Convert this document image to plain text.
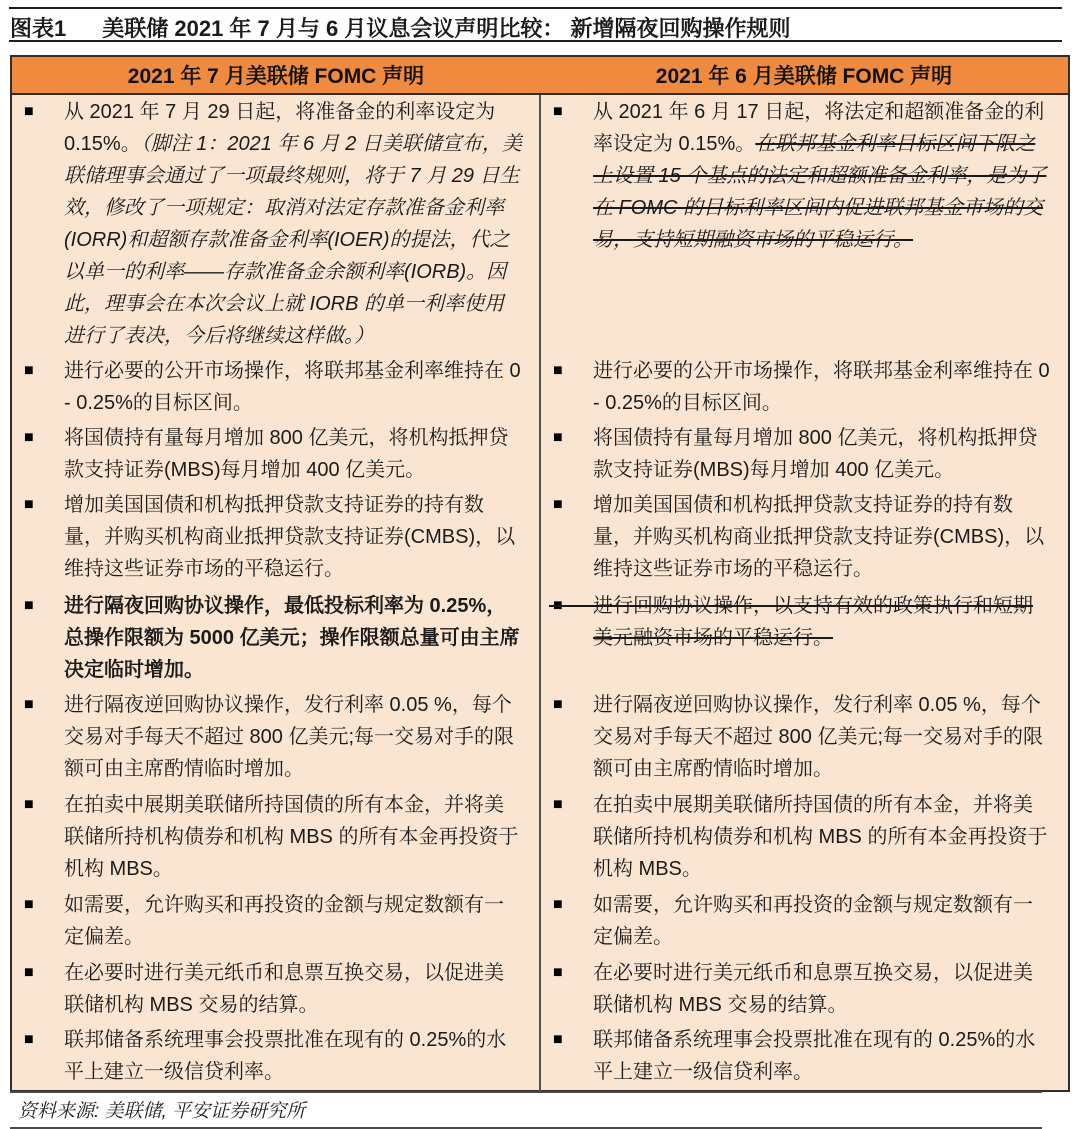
图表1 美联储 2021 年 7 月与 6 月议息会议声明比较： 新增隔夜回购操作规则
2021 年 7 月美联储 FOMC 声明	2021 年 6 月美联储 FOMC 声明

■ 从 2021 年 7 月 29 日起，将准备金的利率设定为 0.15%。（脚注 1：2021 年 6 月 2 日美联储宣布，美联储理事会通过了一项最终规则，将于 7 月 29 日生效，修改了一项规定：取消对法定存款准备金利率(IORR)和超额存款准备金利率(IOER)的提法，代之以单一的利率——存款准备金余额利率(IORB)。因此，理事会在本次会议上就 IORB 的单一利率使用进行了表决，今后将继续这样做。）	■ 从 2021 年 6 月 17 日起，将法定和超额准备金的利率设定为 0.15%。在联邦基金利率目标区间下限之上设置 15 个基点的法定和超额准备金利率，是为了在 FOMC 的目标利率区间内促进联邦基金市场的交易，支持短期融资市场的平稳运行。

■ 进行必要的公开市场操作，将联邦基金利率维持在 0 - 0.25%的目标区间。	■ 进行必要的公开市场操作，将联邦基金利率维持在 0 - 0.25%的目标区间。

■ 将国债持有量每月增加 800 亿美元，将机构抵押贷款支持证券(MBS)每月增加 400 亿美元。	■ 将国债持有量每月增加 800 亿美元，将机构抵押贷款支持证券(MBS)每月增加 400 亿美元。

■ 增加美国国债和机构抵押贷款支持证券的持有数量，并购买机构商业抵押贷款支持证券(CMBS)，以维持这些证券市场的平稳运行。	■ 增加美国国债和机构抵押贷款支持证券的持有数量，并购买机构商业抵押贷款支持证券(CMBS)，以维持这些证券市场的平稳运行。

■ 进行隔夜回购协议操作，最低投标利率为 0.25%，总操作限额为 5000 亿美元；操作限额总量可由主席决定临时增加。	■ 进行回购协议操作，以支持有效的政策执行和短期美元融资市场的平稳运行。

■ 进行隔夜逆回购协议操作，发行利率 0.05 %，每个交易对手每天不超过 800 亿美元;每一交易对手的限额可由主席酌情临时增加。	■ 进行隔夜逆回购协议操作，发行利率 0.05 %，每个交易对手每天不超过 800 亿美元;每一交易对手的限额可由主席酌情临时增加。

■ 在拍卖中展期美联储所持国债的所有本金，并将美联储所持机构债券和机构 MBS 的所有本金再投资于机构 MBS。	■ 在拍卖中展期美联储所持国债的所有本金，并将美联储所持机构债券和机构 MBS 的所有本金再投资于机构 MBS。

■ 如需要，允许购买和再投资的金额与规定数额有一定偏差。	■ 如需要，允许购买和再投资的金额与规定数额有一定偏差。

■ 在必要时进行美元纸币和息票互换交易，以促进美联储机构 MBS 交易的结算。	■ 在必要时进行美元纸币和息票互换交易，以促进美联储机构 MBS 交易的结算。

■ 联邦储备系统理事会投票批准在现有的 0.25%的水平上建立一级信贷利率。	■ 联邦储备系统理事会投票批准在现有的 0.25%的水平上建立一级信贷利率。
资料来源: 美联储, 平安证券研究所
